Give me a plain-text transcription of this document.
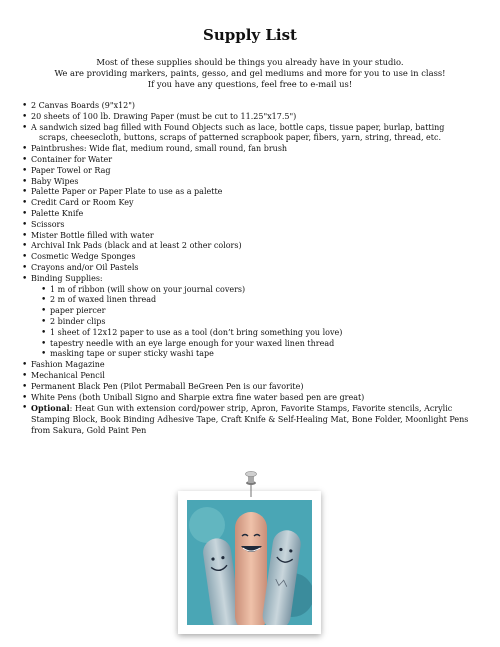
Supply List
Most of these supplies should be things you already have in your studio.
We are providing markers, paints, gesso, and gel mediums and more for you to use in class!
If you have any questions, feel free to e-mail us!
• 2 Canvas Boards (9"x12")
• 20 sheets of 100 lb. Drawing Paper (must be cut to 11.25"x17.5")
• A sandwich sized bag filled with Found Objects such as lace, bottle caps, tissue paper, burlap, batting
scraps, cheesecloth, buttons, scraps of patterned scrapbook paper, fibers, yarn, string, thread, etc.
• Paintbrushes: Wide flat, medium round, small round, fan brush
• Container for Water
• Paper Towel or Rag
• Baby Wipes
• Palette Paper or Paper Plate to use as a palette
• Credit Card or Room Key
• Palette Knife
• Scissors
• Mister Bottle filled with water
• Archival Ink Pads (black and at least 2 other colors)
• Cosmetic Wedge Sponges
• Crayons and/or Oil Pastels
• Binding Supplies:
• 1 m of ribbon (will show on your journal covers)
• 2 m of waxed linen thread
• paper piercer
• 2 binder clips
• 1 sheet of 12x12 paper to use as a tool (don’t bring something you love)
• tapestry needle with an eye large enough for your waxed linen thread
• masking tape or super sticky washi tape
• Fashion Magazine
• Mechanical Pencil
• Permanent Black Pen (Pilot Permaball BeGreen Pen is our favorite)
• White Pens (both Uniball Signo and Sharpie extra fine water based pen are great)
• Optional: Heat Gun with extension cord/power strip, Apron, Favorite Stamps, Favorite stencils, Acrylic Stamping Block, Book Binding Adhesive Tape, Craft Knife & Self-Healing Mat, Bone Folder, Moonlight Pens from Sakura, Gold Paint Pen
